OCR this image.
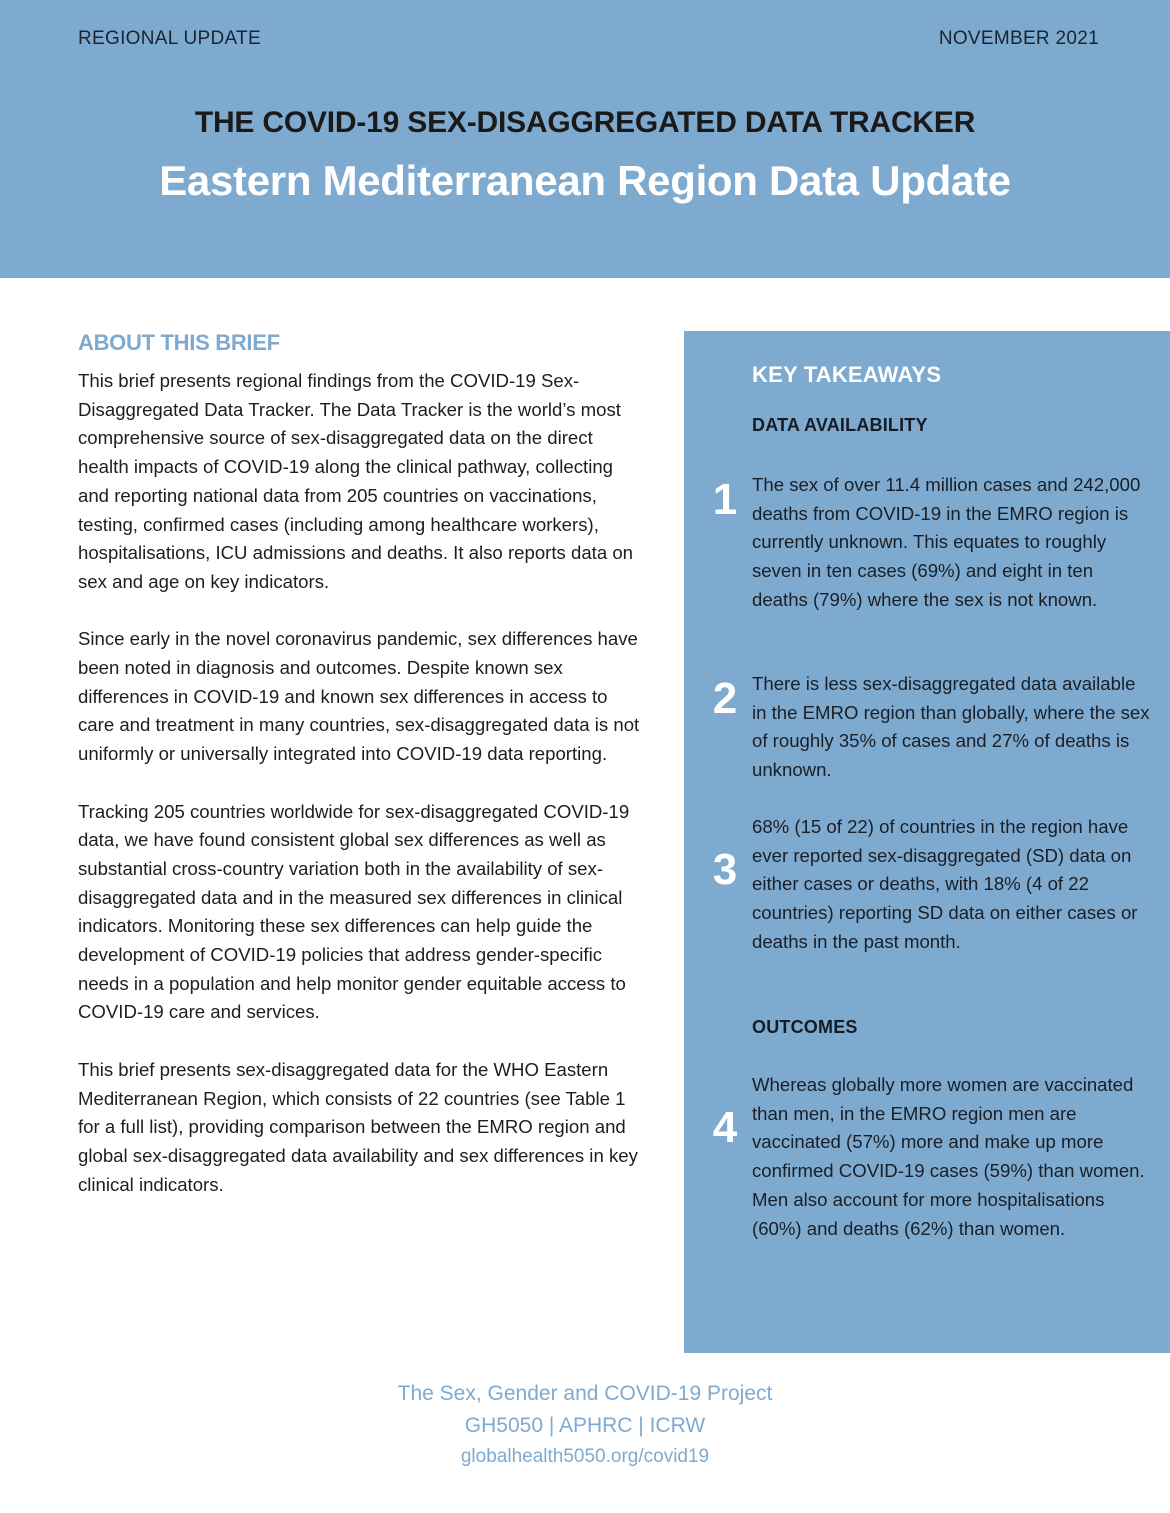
REGIONAL UPDATE	NOVEMBER 2021
THE COVID-19 SEX-DISAGGREGATED DATA TRACKER
Eastern Mediterranean Region Data Update
ABOUT THIS BRIEF

This brief presents regional findings from the COVID-19 Sex-Disaggregated Data Tracker. The Data Tracker is the world’s most comprehensive source of sex-disaggregated data on the direct health impacts of COVID-19 along the clinical pathway, collecting and reporting national data from 205 countries on vaccinations, testing, confirmed cases (including among healthcare workers), hospitalisations, ICU admissions and deaths. It also reports data on sex and age on key indicators.

Since early in the novel coronavirus pandemic, sex differences have been noted in diagnosis and outcomes. Despite known sex differences in COVID-19 and known sex differences in access to care and treatment in many countries, sex-disaggregated data is not uniformly or universally integrated into COVID-19 data reporting.

Tracking 205 countries worldwide for sex-disaggregated COVID-19 data, we have found consistent global sex differences as well as substantial cross-country variation both in the availability of sex-disaggregated data and in the measured sex differences in clinical indicators. Monitoring these sex differences can help guide the development of COVID-19 policies that address gender-specific needs in a population and help monitor gender equitable access to COVID-19 care and services.

This brief presents sex-disaggregated data for the WHO Eastern Mediterranean Region, which consists of 22 countries (see Table 1 for a full list), providing comparison between the EMRO region and global sex-disaggregated data availability and sex differences in key clinical indicators.

KEY TAKEAWAYS
DATA AVAILABILITY
1 The sex of over 11.4 million cases and 242,000 deaths from COVID-19 in the EMRO region is currently unknown. This equates to roughly seven in ten cases (69%) and eight in ten deaths (79%) where the sex is not known.
2 There is less sex-disaggregated data available in the EMRO region than globally, where the sex of roughly 35% of cases and 27% of deaths is unknown.
3
68% (15 of 22) of countries in the region have ever reported sex-disaggregated (SD) data on either cases or deaths, with 18% (4 of 22 countries) reporting SD data on either cases or deaths in the past month.
OUTCOMES
4
Whereas globally more women are vaccinated than men, in the EMRO region men are vaccinated (57%) more and make up more confirmed COVID-19 cases (59%) than women. Men also account for more hospitalisations (60%) and deaths (62%) than women.
The Sex, Gender and COVID-19 Project
GH5050 | APHRC | ICRW
globalhealth5050.org/covid19
